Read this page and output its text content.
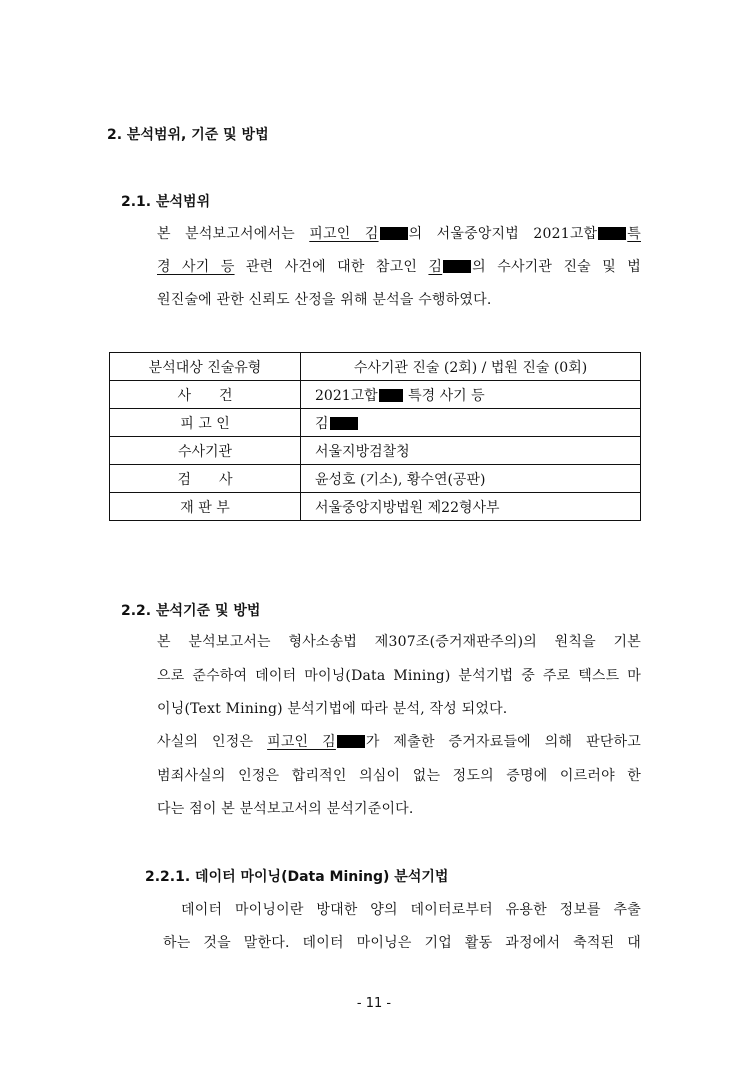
2. 분석범위, 기준 및 방법
2.1. 분석범위
본 분석보고서에서는 피고인 김 의 서울중앙지법 2021고합 특
경 사기 등 관련 사건에 대한 참고인 김 의 수사기관 진술 및 법
원진술에 관한 신뢰도 산정을 위해 분석을 수행하였다.
분석대상 진술유형	수사기관 진술 (2회) / 법원 진술 (0회)
사　　건	2021고합 특경 사기 등
피 고 인	김
수사기관	서울지방검찰청
검　　사	윤성호 (기소), 황수연(공판)
재 판 부	서울중앙지방법원 제22형사부
2.2. 분석기준 및 방법
본 분석보고서는 형사소송법 제307조(증거재판주의)의 원칙을 기본
으로 준수하여 데이터 마이닝(Data Mining) 분석기법 중 주로 텍스트 마
이닝(Text Mining) 분석기법에 따라 분석, 작성 되었다.
사실의 인정은 피고인 김 가 제출한 증거자료들에 의해 판단하고
범죄사실의 인정은 합리적인 의심이 없는 정도의 증명에 이르러야 한
다는 점이 본 분석보고서의 분석기준이다.
2.2.1. 데이터 마이닝(Data Mining) 분석기법
데이터 마이닝이란 방대한 양의 데이터로부터 유용한 정보를 추출
하는 것을 말한다. 데이터 마이닝은 기업 활동 과정에서 축적된 대
- 11 -
